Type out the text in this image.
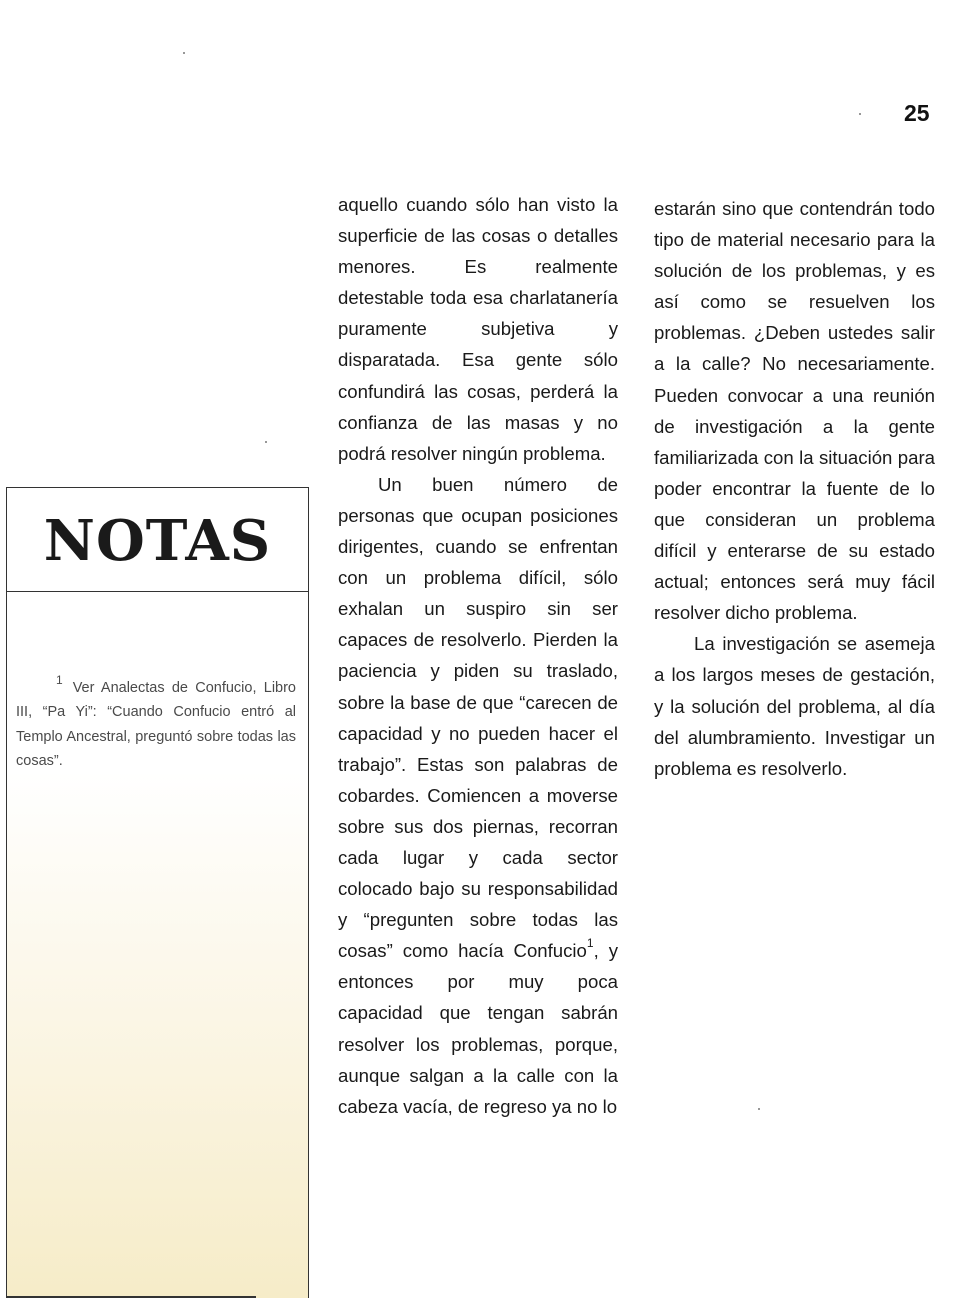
25
NOTAS
$^1$ Ver Analectas de Confucio, Libro III, “Pa Yi”: “Cuando Confucio entró al Templo Ancestral, preguntó sobre todas las cosas”.

aquello cuando sólo han visto la superficie de las cosas o detalles menores. Es realmente detestable toda esa charlatanería puramente subjetiva y disparatada. Esa gente sólo confundirá las cosas, perderá la confianza de las masas y no podrá resolver ningún problema.

Un buen número de personas que ocupan posiciones dirigentes, cuando se enfrentan con un problema difícil, sólo exhalan un suspiro sin ser capaces de resolverlo. Pierden la paciencia y piden su traslado, sobre la base de que “carecen de capacidad y no pueden hacer el trabajo”. Estas son palabras de cobardes. Comiencen a moverse sobre sus dos piernas, recorran cada lugar y cada sector colocado bajo su responsabilidad y “pregunten sobre todas las cosas” como hacía Confucio$^1$, y entonces por muy poca capacidad que tengan sabrán resolver los problemas, porque, aunque salgan a la calle con la cabeza vacía, de regreso ya no lo

estarán sino que contendrán todo tipo de material necesario para la solución de los problemas, y es así como se resuelven los problemas. ¿Deben ustedes salir a la calle? No necesariamente. Pueden convocar a una reunión de investigación a la gente familiarizada con la situación para poder encontrar la fuente de lo que consideran un problema difícil y enterarse de su estado actual; entonces será muy fácil resolver dicho problema.

La investigación se asemeja a los largos meses de gestación, y la solución del problema, al día del alumbramiento. Investigar un problema es resolverlo.
